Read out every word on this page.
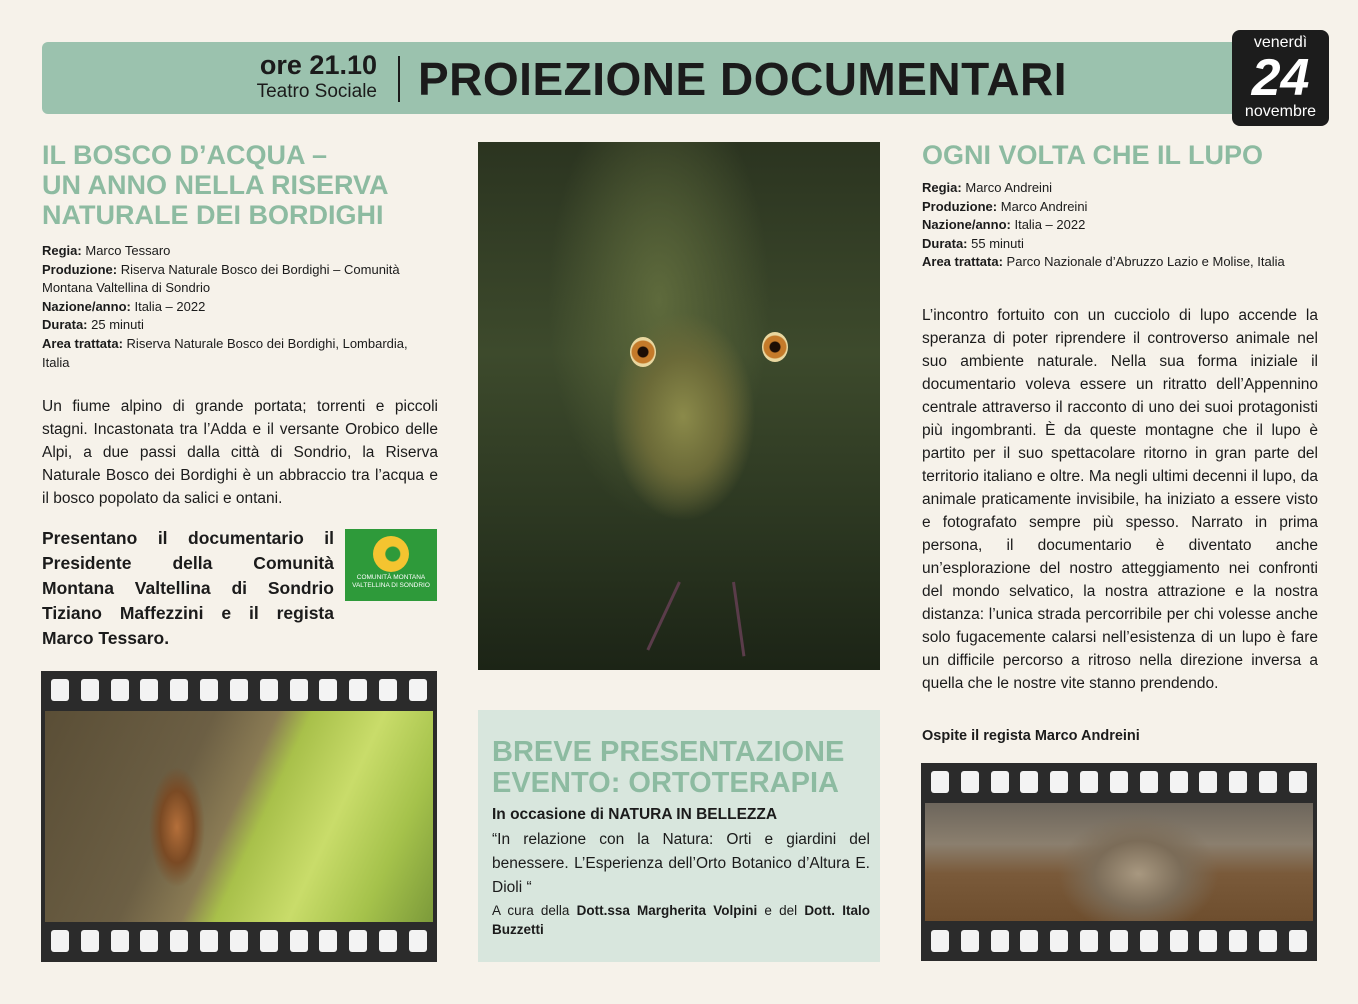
ore 21.10
Teatro Sociale PROIEZIONE DOCUMENTARI
venerdì
24
novembre
IL BOSCO D’ACQUA –
UN ANNO NELLA RISERVA
NATURALE DEI BORDIGHI
Regia: Marco Tessaro
Produzione: Riserva Naturale Bosco dei Bordighi – Comunità Montana Valtellina di Sondrio
Nazione/anno: Italia – 2022
Durata: 25 minuti
Area trattata: Riserva Naturale Bosco dei Bordighi, Lombardia, Italia
Un fiume alpino di grande portata; torrenti e piccoli stagni. Incastonata tra l’Adda e il versante Orobico delle Alpi, a due passi dalla città di Sondrio, la Riserva Naturale Bosco dei Bordighi è un abbraccio tra l’acqua e il bosco popolato da salici e ontani.
Presentano il documentario il Presidente della Comunità Montana Valtellina di Sondrio Tiziano Maffezzini e il regista Marco Tessaro.
COMUNITÀ MONTANA VALTELLINA DI SONDRIO
BREVE PRESENTAZIONE EVENTO: ORTOTERAPIA
In occasione di NATURA IN BELLEZZA
“In relazione con la Natura: Orti e giardini del benessere. L’Esperienza dell’Orto Botanico d’Altura E. Dioli “
A cura della Dott.ssa Margherita Volpini e del Dott. Italo Buzzetti
OGNI VOLTA CHE IL LUPO
Regia: Marco Andreini
Produzione: Marco Andreini
Nazione/anno: Italia – 2022
Durata: 55 minuti
Area trattata: Parco Nazionale d’Abruzzo Lazio e Molise, Italia
L’incontro fortuito con un cucciolo di lupo accende la speranza di poter riprendere il controverso animale nel suo ambiente naturale. Nella sua forma iniziale il documentario voleva essere un ritratto dell’Appennino centrale attraverso il racconto di uno dei suoi protagonisti più ingombranti. È da queste montagne che il lupo è partito per il suo spettacolare ritorno in gran parte del territorio italiano e oltre. Ma negli ultimi decenni il lupo, da animale praticamente invisibile, ha iniziato a essere visto e fotografato sempre più spesso. Narrato in prima persona, il documentario è diventato anche un’esplorazione del nostro atteggiamento nei confronti del mondo selvatico, la nostra attrazione e la nostra distanza: l’unica strada percorribile per chi volesse anche solo fugacemente calarsi nell’esistenza di un lupo è fare un difficile percorso a ritroso nella direzione inversa a quella che le nostre vite stanno prendendo.
Ospite il regista Marco Andreini
